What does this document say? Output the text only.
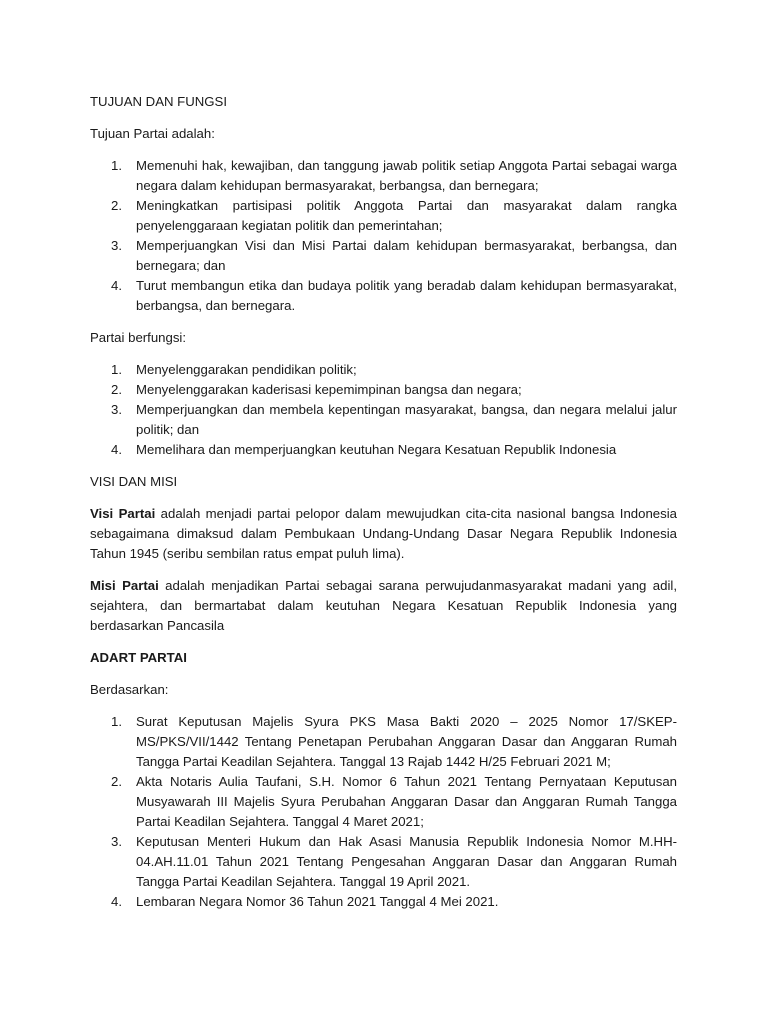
TUJUAN DAN FUNGSI
Tujuan Partai adalah:
1. Memenuhi hak, kewajiban, dan tanggung jawab politik setiap Anggota Partai sebagai warga negara dalam kehidupan bermasyarakat, berbangsa, dan bernegara;
2. Meningkatkan partisipasi politik Anggota Partai dan masyarakat dalam rangka penyelenggaraan kegiatan politik dan pemerintahan;
3. Memperjuangkan Visi dan Misi Partai dalam kehidupan bermasyarakat, berbangsa, dan bernegara; dan
4. Turut membangun etika dan budaya politik yang beradab dalam kehidupan bermasyarakat, berbangsa, dan bernegara.
Partai berfungsi:
1. Menyelenggarakan pendidikan politik;
2. Menyelenggarakan kaderisasi kepemimpinan bangsa dan negara;
3. Memperjuangkan dan membela kepentingan masyarakat, bangsa, dan negara melalui jalur politik; dan
4. Memelihara dan memperjuangkan keutuhan Negara Kesatuan Republik Indonesia
VISI DAN MISI
Visi Partai adalah menjadi partai pelopor dalam mewujudkan cita-cita nasional bangsa Indonesia sebagaimana dimaksud dalam Pembukaan Undang-Undang Dasar Negara Republik Indonesia Tahun 1945 (seribu sembilan ratus empat puluh lima).
Misi Partai adalah menjadikan Partai sebagai sarana perwujudanmasyarakat madani yang adil, sejahtera, dan bermartabat dalam keutuhan Negara Kesatuan Republik Indonesia yang berdasarkan Pancasila
ADART PARTAI
Berdasarkan:
1. Surat Keputusan Majelis Syura PKS Masa Bakti 2020 – 2025 Nomor 17/SKEP- MS/PKS/VII/1442 Tentang Penetapan Perubahan Anggaran Dasar dan Anggaran Rumah Tangga Partai Keadilan Sejahtera. Tanggal 13 Rajab 1442 H/25 Februari 2021 M;
2. Akta Notaris Aulia Taufani, S.H. Nomor 6 Tahun 2021 Tentang Pernyataan Keputusan Musyawarah III Majelis Syura Perubahan Anggaran Dasar dan Anggaran Rumah Tangga Partai Keadilan Sejahtera. Tanggal 4 Maret 2021;
3. Keputusan Menteri Hukum dan Hak Asasi Manusia Republik Indonesia Nomor M.HH-04.AH.11.01 Tahun 2021 Tentang Pengesahan Anggaran Dasar dan Anggaran Rumah Tangga Partai Keadilan Sejahtera. Tanggal 19 April 2021.
4. Lembaran Negara Nomor 36 Tahun 2021 Tanggal 4 Mei 2021.
